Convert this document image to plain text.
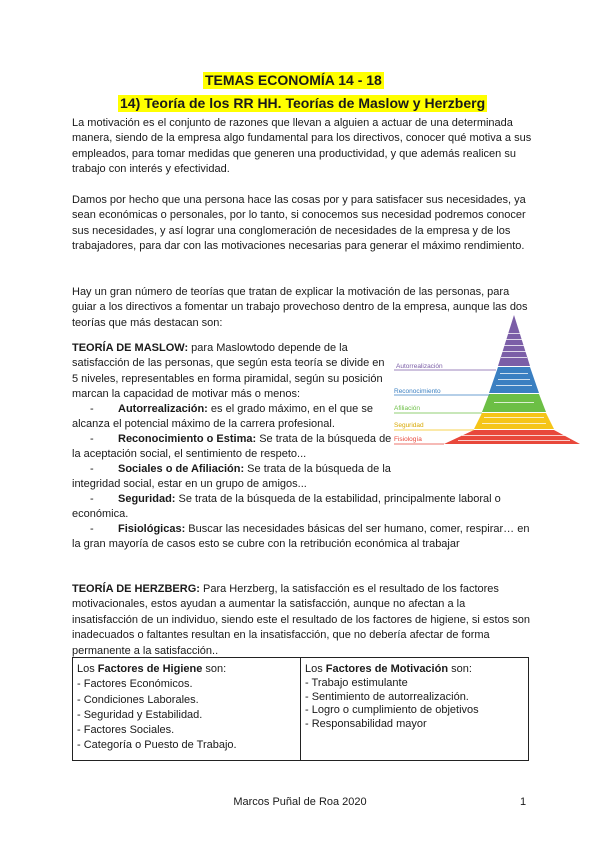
TEMAS ECONOMÍA 14 - 18
14) Teoría de los RR HH. Teorías de Maslow y Herzberg
La motivación es el conjunto de razones que llevan a alguien a actuar de una determinada manera, siendo de la empresa algo fundamental para los directivos, conocer qué motiva a sus empleados, para tomar medidas que generen una productividad, y que además realicen su trabajo con interés y efectividad.
Damos por hecho que una persona hace las cosas por y para satisfacer sus necesidades, ya sean económicas o personales, por lo tanto, si conocemos sus necesidad podremos conocer sus necesidades, y así lograr una conglomeración de necesidades de la empresa y de los trabajadores, para dar con las motivaciones necesarias para generar el máximo rendimiento.
Hay un gran número de teorías que tratan de explicar la motivación de las personas, para guiar a los directivos a fomentar un trabajo provechoso dentro de la empresa, aunque las dos teorías que más destacan son:
TEORÍA DE MASLOW: para Maslowtodo depende de la satisfacción de las personas, que según esta teoría se divide en 5 niveles, representables en forma piramidal, según su posición marcan la capacidad de motivar más o menos:
Autorrealización
Reconocimiento
Afiliación
Seguridad
Fisiología
- Autorrealización: es el grado máximo, en el que se
alcanza el potencial máximo de la carrera profesional.
- Reconocimiento o Estima: Se trata de la búsqueda de
la aceptación social, el sentimiento de respeto...
- Sociales o de Afiliación: Se trata de la búsqueda de la
integridad social, estar en un grupo de amigos...
- Seguridad: Se trata de la búsqueda de la estabilidad, principalmente laboral o
económica.
- Fisiológicas: Buscar las necesidades básicas del ser humano, comer, respirar… en
la gran mayoría de casos esto se cubre con la retribución económica al trabajar
TEORÍA DE HERZBERG: Para Herzberg, la satisfacción es el resultado de los factores motivacionales, estos ayudan a aumentar la satisfacción, aunque no afectan a la insatisfacción de un individuo, siendo este el resultado de los factores de higiene, si estos son inadecuados o faltantes resultan en la insatisfacción, que no debería afectar de forma permanente a la satisfacción..
Los Factores de Higiene son:
- Factores Económicos.
- Condiciones Laborales.
- Seguridad y Estabilidad.
- Factores Sociales.
- Categoría o Puesto de Trabajo.

Los Factores de Motivación son:
- Trabajo estimulante
- Sentimiento de autorrealización.
- Logro o cumplimiento de objetivos
- Responsabilidad mayor
Marcos Puñal de Roa 2020	1
